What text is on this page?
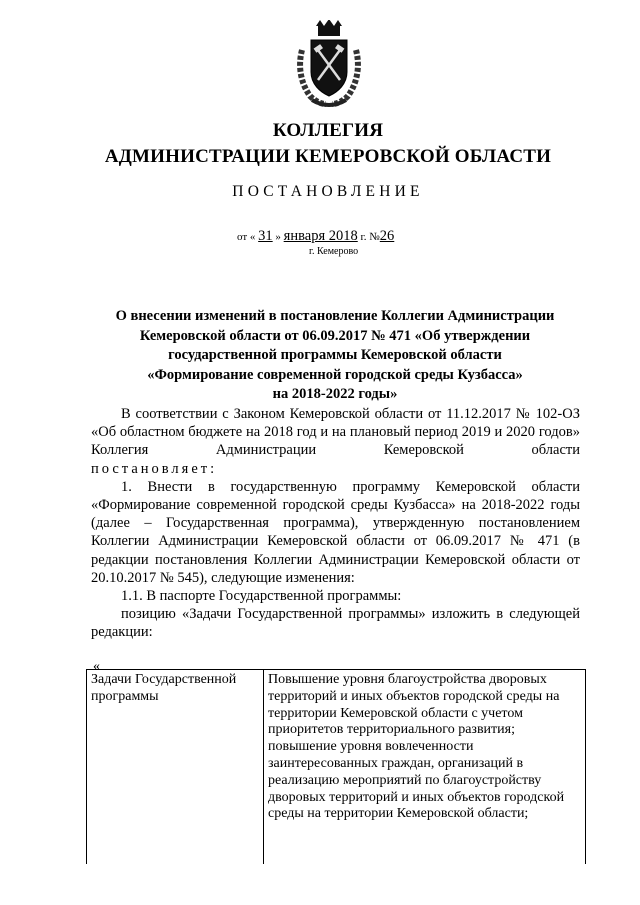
КОЛЛЕГИЯ
АДМИНИСТРАЦИИ КЕМЕРОВСКОЙ ОБЛАСТИ
ПОСТАНОВЛЕНИЕ
от « 31 » января 2018 г. №26
г. Кемерово
О внесении изменений в постановление Коллегии Администрации
Кемеровской области от 06.09.2017 № 471 «Об утверждении
государственной программы Кемеровской области
«Формирование современной городской среды Кузбасса»
на 2018-2022 годы»

В соответствии с Законом Кемеровской области от 11.12.2017 № 102-ОЗ «Об областном бюджете на 2018 год и на плановый период 2019 и 2020 годов» Коллегия Администрации Кемеровской области

постановляет:

1. Внести в государственную программу Кемеровской области «Формирование современной городской среды Кузбасса» на 2018-2022 годы (далее – Государственная программа), утвержденную постановлением Коллегии Администрации Кемеровской области от 06.09.2017 № 471 (в редакции постановления Коллегии Администрации Кемеровской области от 20.10.2017 № 545), следующие изменения:

1.1. В паспорте Государственной программы:

позицию «Задачи Государственной программы» изложить в следующей редакции:

«
Задачи Государственной программы	Повышение уровня благоустройства дворовых территорий и иных объектов городской среды на территории Кемеровской области с учетом приоритетов территориального развития; повышение уровня вовлеченности заинтересованных граждан, организаций в реализацию мероприятий по благоустройству дворовых территорий и иных объектов городской среды на территории Кемеровской области;
